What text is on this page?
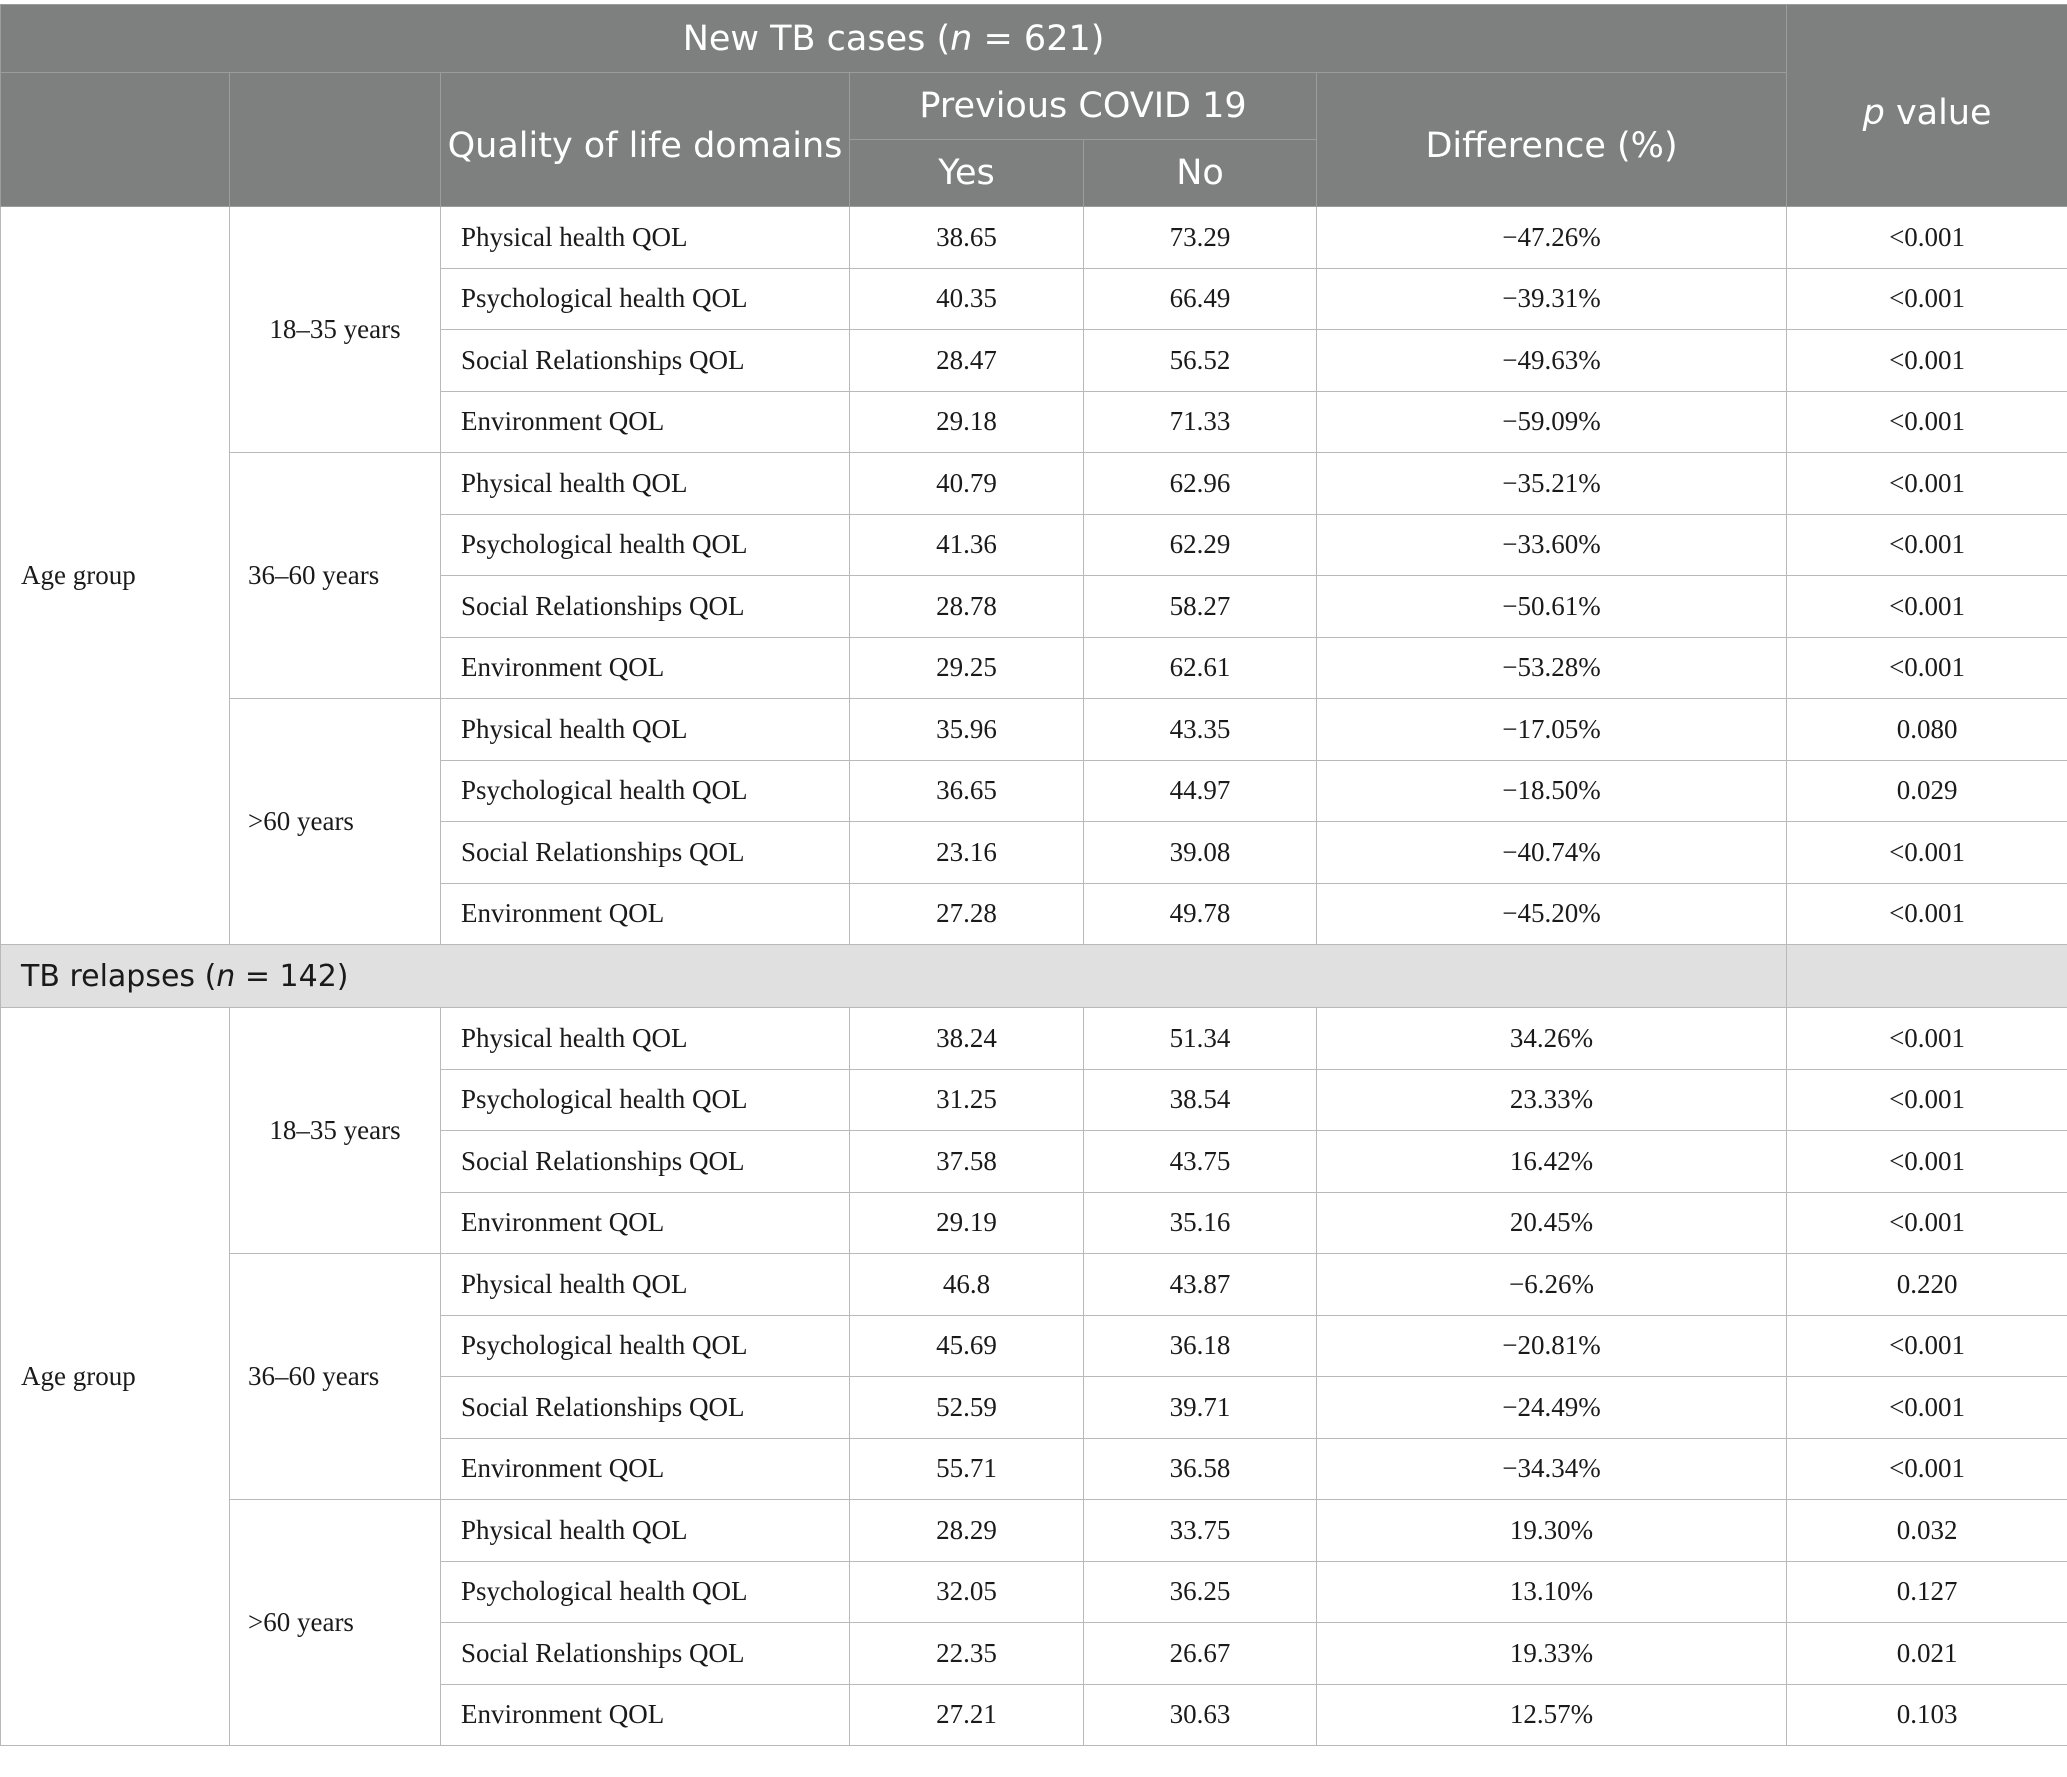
New TB cases (n = 621)						p value
		Quality of life domains	Previous COVID 19		Difference (%)	
			Yes	No		
Age group	18–35 years	Physical health QOL	38.65	73.29	−47.26%	<0.001
		Psychological health QOL	40.35	66.49	−39.31%	<0.001
		Social Relationships QOL	28.47	56.52	−49.63%	<0.001
		Environment QOL	29.18	71.33	−59.09%	<0.001
	36–60 years	Physical health QOL	40.79	62.96	−35.21%	<0.001
		Psychological health QOL	41.36	62.29	−33.60%	<0.001
		Social Relationships QOL	28.78	58.27	−50.61%	<0.001
		Environment QOL	29.25	62.61	−53.28%	<0.001
	>60 years	Physical health QOL	35.96	43.35	−17.05%	0.080
		Psychological health QOL	36.65	44.97	−18.50%	0.029
		Social Relationships QOL	23.16	39.08	−40.74%	<0.001
		Environment QOL	27.28	49.78	−45.20%	<0.001
TB relapses (n = 142)						
Age group	18–35 years	Physical health QOL	38.24	51.34	34.26%	<0.001
		Psychological health QOL	31.25	38.54	23.33%	<0.001
		Social Relationships QOL	37.58	43.75	16.42%	<0.001
		Environment QOL	29.19	35.16	20.45%	<0.001
	36–60 years	Physical health QOL	46.8	43.87	−6.26%	0.220
		Psychological health QOL	45.69	36.18	−20.81%	<0.001
		Social Relationships QOL	52.59	39.71	−24.49%	<0.001
		Environment QOL	55.71	36.58	−34.34%	<0.001
	>60 years	Physical health QOL	28.29	33.75	19.30%	0.032
		Psychological health QOL	32.05	36.25	13.10%	0.127
		Social Relationships QOL	22.35	26.67	19.33%	0.021
		Environment QOL	27.21	30.63	12.57%	0.103
